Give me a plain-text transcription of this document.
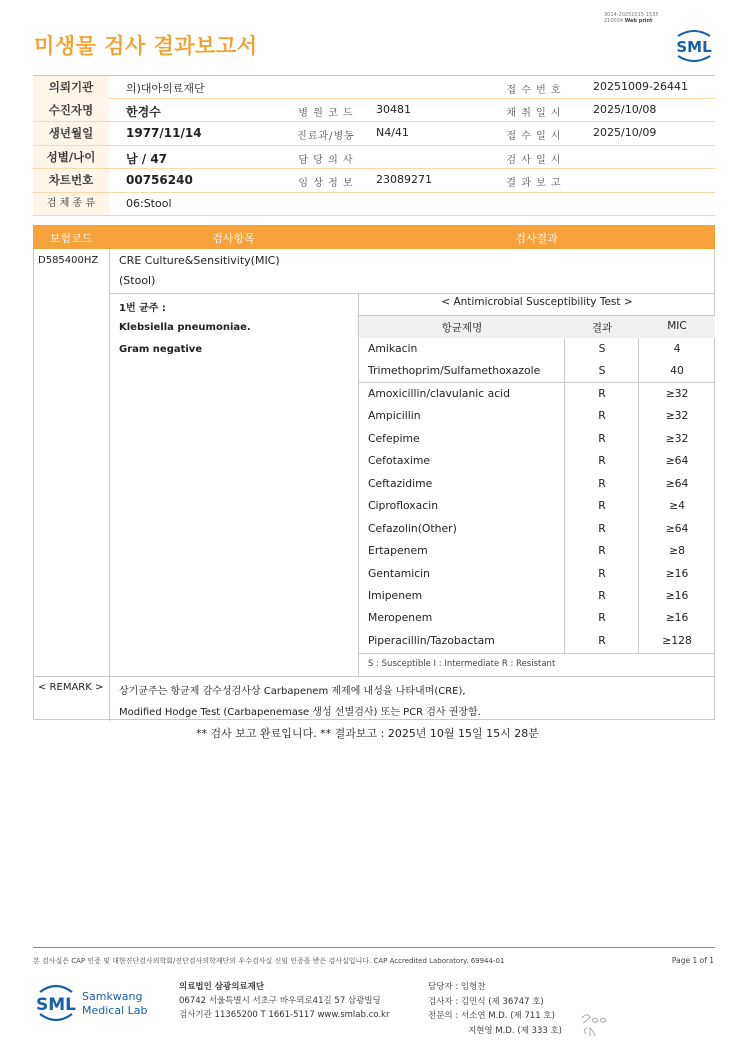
3014-20251015-1535
210034 Web print
미생물 검사 결과보고서	SML
의뢰기관	의)대아의료재단	접 수 번 호	20251009-26441
수진자명	한경수	병 원 코 드	30481	채 취 일 시	2025/10/08
생년월일	1977/11/14	진료과/병동 N4/41	접 수 일 시	2025/10/09
성별/나이	남 / 47	담 당 의 사	검 사 일 시
차트번호	00756240	임 상 정 보	23089271	결 과 보 고
검 체 종 류	06:Stool
보험코드	검사항목	검사결과
D585400HZ CRE Culture&Sensitivity(MIC)
(Stool)
1번 균주 :
Klebsiella pneumoniae.
Gram negative
< Antimicrobial Susceptibility Test >
항균제명	결과	MIC
Amikacin	S	4
Trimethoprim/Sulfamethoxazole	S	40
Amoxicillin/clavulanic acid	R	≥32
Ampicillin	R	≥32
Cefepime	R	≥32
Cefotaxime	R	≥64
Ceftazidime	R	≥64
Ciprofloxacin	R	≥4
Cefazolin(Other)	R	≥64
Ertapenem	R	≥8
Gentamicin	R	≥16
Imipenem	R	≥16
Meropenem	R	≥16
Piperacillin/Tazobactam	R	≥128
S : Susceptible I : Intermediate R : Resistant
< REMARK > 상기균주는 항균제 감수성검사상 Carbapenem 제제에 내성을 나타내며(CRE),
Modified Hodge Test (Carbapenemase 생성 선별검사) 또는 PCR 검사 권장함.
** 검사 보고 완료입니다. ** 결과보고 : 2025년 10월 15일 15시 28분
본 검사실은 CAP 인증 및 대한진단검사의학회/진단검사의학재단의 우수검사실 신임 인증을 받은 검사실입니다. CAP Accredited Laboratory. 69944-01	Page 1 of 1
SML Samkwang
Medical Lab
의료법인 삼광의료재단
06742 서울특별시 서초구 바우뫼로41길 57 삼광빌딩
검사기관 11365200 T 1661-5117 www.smlab.co.kr
담당자 : 임형찬
검사자 : 김민식 (제 36747 호)
전문의 : 서소연 M.D. (제 711 호)
지현영 M.D. (제 333 호)
